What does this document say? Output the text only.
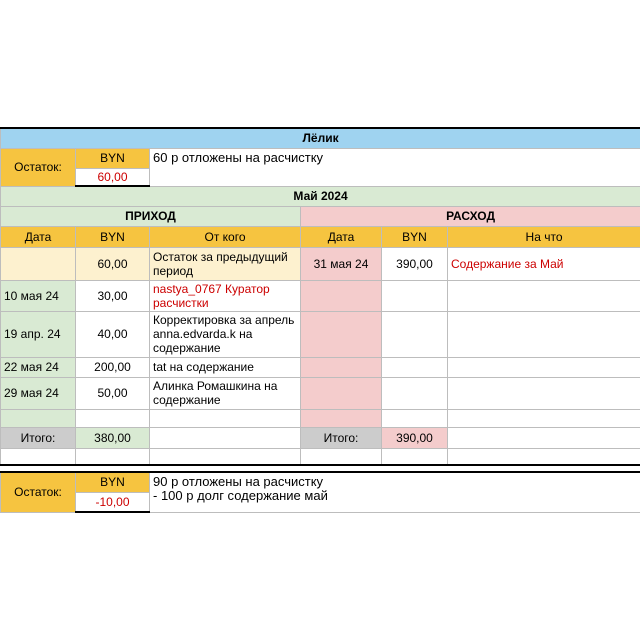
Лёлик					
Остаток:	BYN	60 р отложены на расчистку			
	60,00				
Май 2024					
ПРИХОД			РАСХОД		
Дата	BYN	От кого	Дата	BYN	На что
	60,00	Остаток за предыдущий период	31 мая 24	390,00	Содержание за Май
10 мая 24	30,00	nastya_0767 Куратор расчистки			
19 апр. 24	40,00	Корректировка за апрель anna.edvarda.k на содержание			
22 мая 24	200,00	tat на содержание			
29 мая 24	50,00	Алинка Ромашкина на содержание			

Итого:	380,00		Итого:	390,00	

Остаток:	BYN	90 р отложены на расчистку
- 100 р долг содержание май			

	-10,00				
